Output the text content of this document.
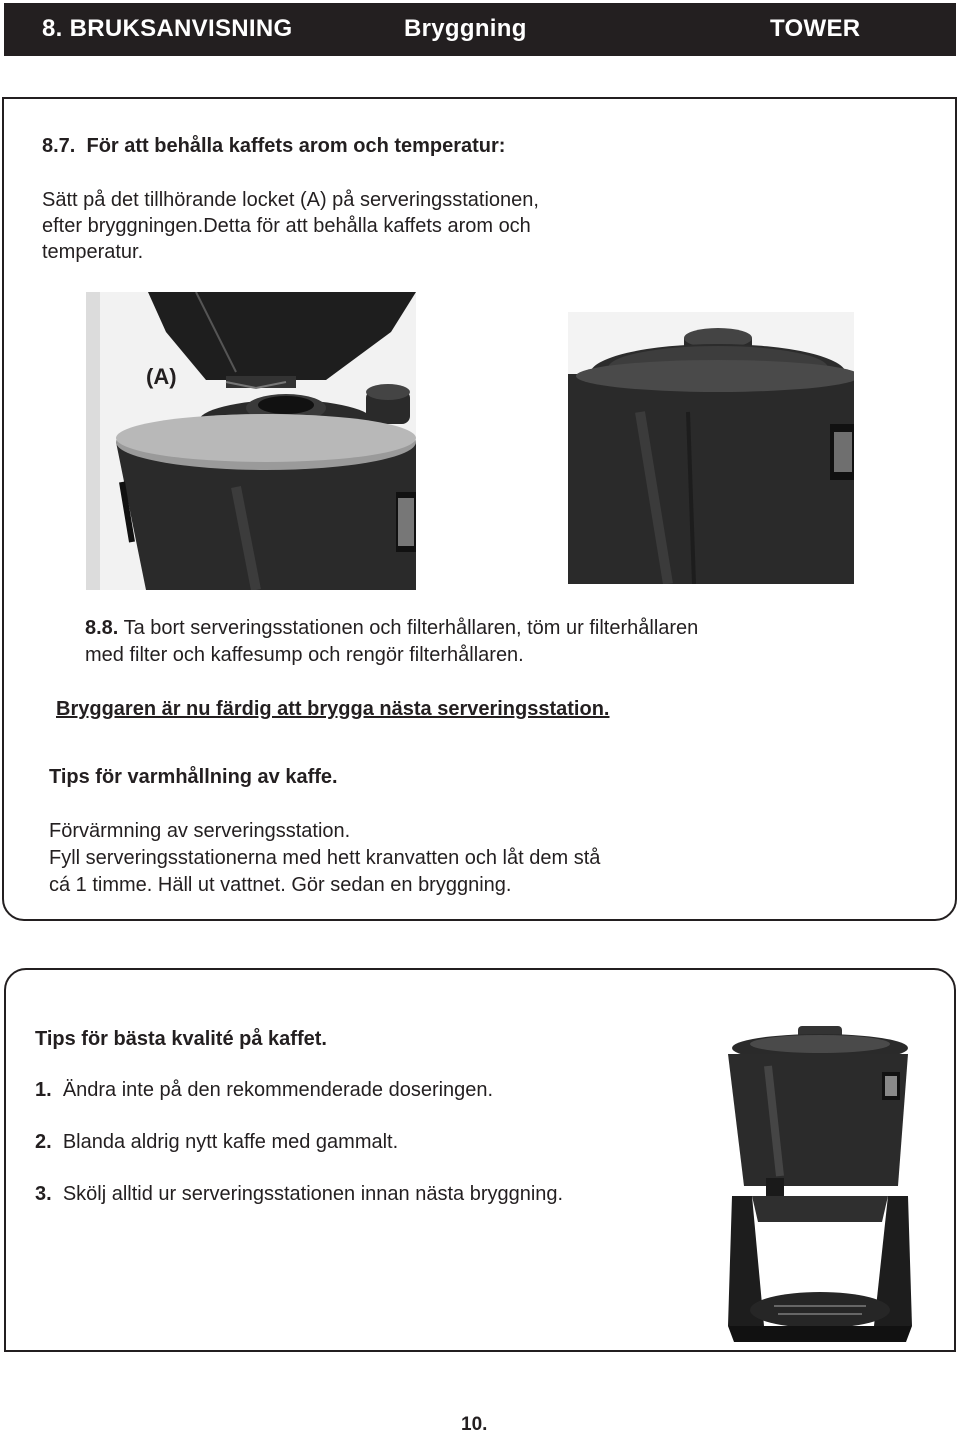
8. BRUKSANVISNING	Bryggning	TOWER
8.7. För att behålla kaffets arom och temperatur:
Sätt på det tillhörande locket (A) på serveringsstationen,
efter bryggningen.Detta för att behålla kaffets arom och
temperatur.
(A)
8.8. Ta bort serveringsstationen och filterhållaren, töm ur filterhållaren
med filter och kaffesump och rengör filterhållaren.
Bryggaren är nu färdig att brygga nästa serveringsstation.
Tips för varmhållning av kaffe.
Förvärmning av serveringsstation.
Fyll serveringsstationerna med hett kranvatten och låt dem stå
cá 1 timme. Häll ut vattnet. Gör sedan en bryggning.
Tips för bästa kvalité på kaffet.
1. Ändra inte på den rekommenderade doseringen.
2. Blanda aldrig nytt kaffe med gammalt.
3. Skölj alltid ur serveringsstationen innan nästa bryggning.
10.
